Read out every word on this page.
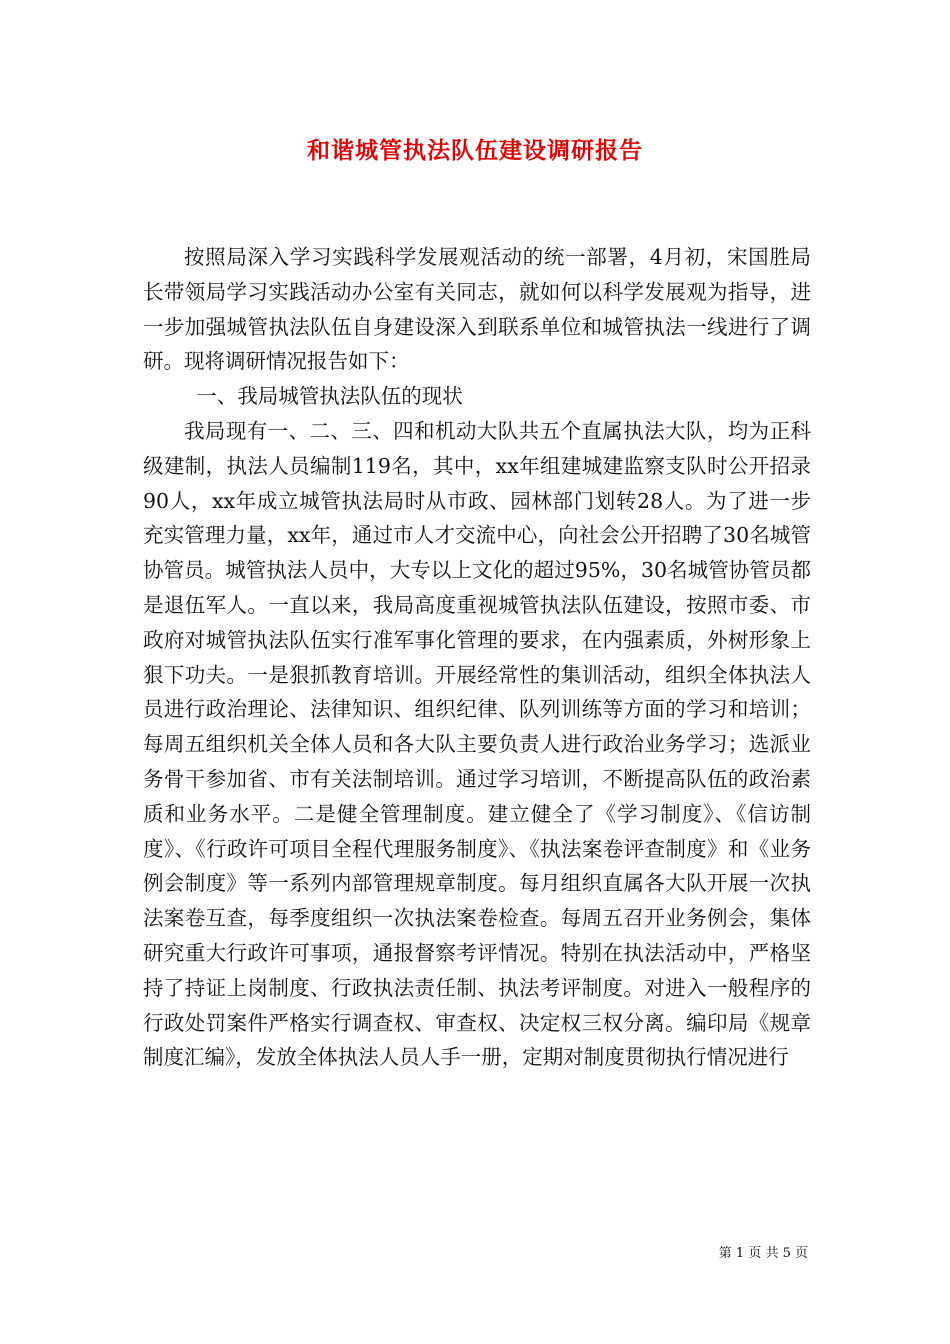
和谐城管执法队伍建设调研报告

按照局深入学习实践科学发展观活动的统一部署，4月初，宋国胜局长带领局学习实践活动办公室有关同志，就如何以科学发展观为指导，进一步加强城管执法队伍自身建设深入到联系单位和城管执法一线进行了调研。现将调研情况报告如下：

一、我局城管执法队伍的现状

我局现有一、二、三、四和机动大队共五个直属执法大队，均为正科级建制，执法人员编制119名，其中，xx年组建城建监察支队时公开招录90人，xx年成立城管执法局时从市政、园林部门划转28人。为了进一步充实管理力量，xx年，通过市人才交流中心，向社会公开招聘了30名城管协管员。城管执法人员中，大专以上文化的超过95%，30名城管协管员都是退伍军人。一直以来，我局高度重视城管执法队伍建设，按照市委、市政府对城管执法队伍实行准军事化管理的要求，在内强素质，外树形象上狠下功夫。一是狠抓教育培训。开展经常性的集训活动，组织全体执法人员进行政治理论、法律知识、组织纪律、队列训练等方面的学习和培训；每周五组织机关全体人员和各大队主要负责人进行政治业务学习；选派业务骨干参加省、市有关法制培训。通过学习培训，不断提高队伍的政治素质和业务水平。二是健全管理制度。建立健全了《学习制度》、《信访制度》、《行政许可项目全程代理服务制度》、《执法案卷评查制度》和《业务例会制度》等一系列内部管理规章制度。每月组织直属各大队开展一次执法案卷互查，每季度组织一次执法案卷检查。每周五召开业务例会，集体研究重大行政许可事项，通报督察考评情况。特别在执法活动中，严格坚持了持证上岗制度、行政执法责任制、执法考评制度。对进入一般程序的行政处罚案件严格实行调查权、审查权、决定权三权分离。编印局《规章制度汇编》，发放全体执法人员人手一册，定期对制度贯彻执行情况进行

第 1 页 共 5 页
